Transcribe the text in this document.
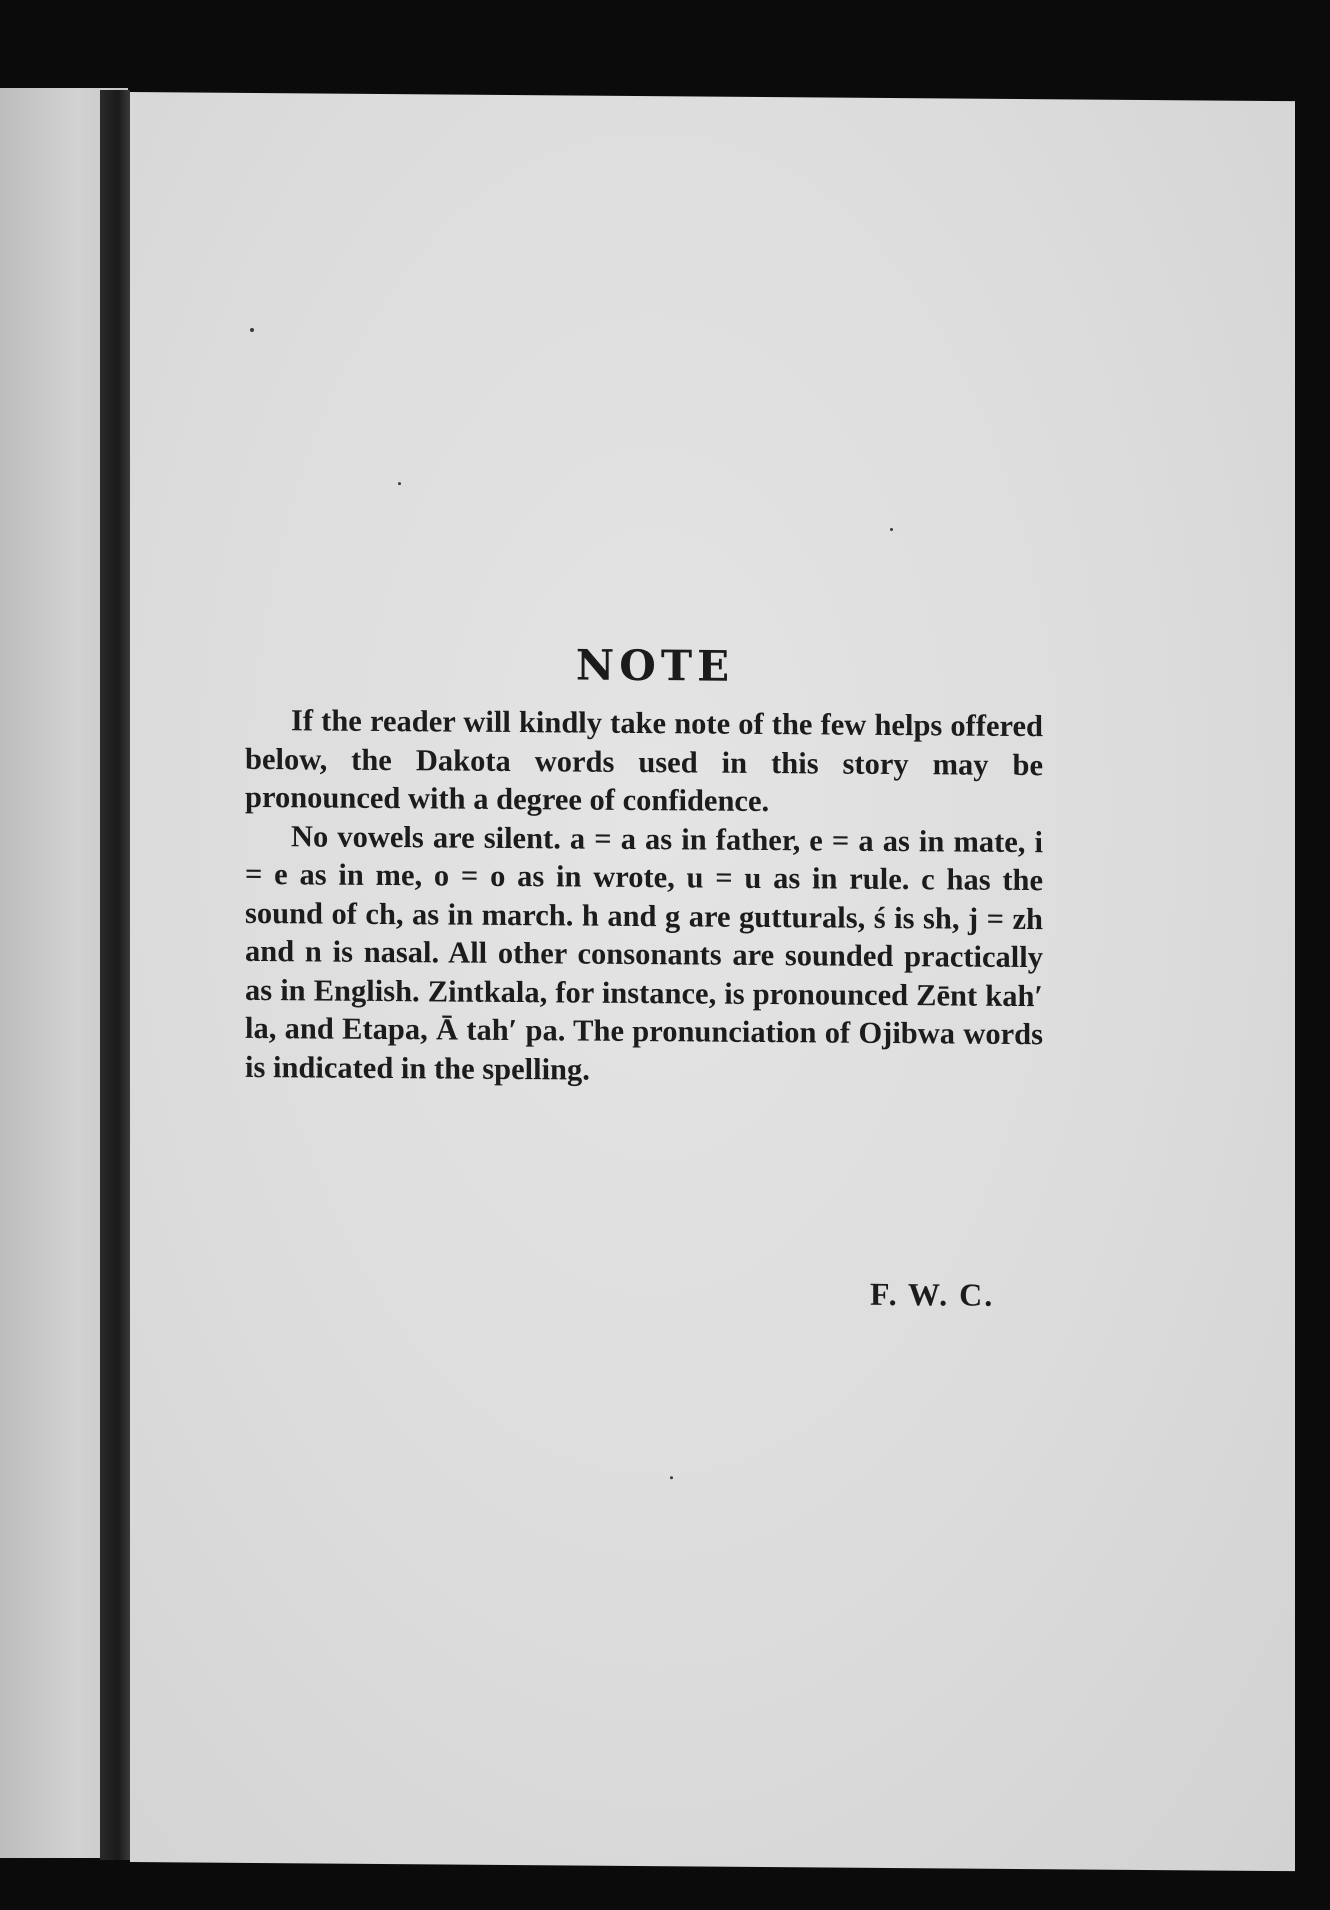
NOTE

If the reader will kindly take note of the few helps offered below, the Dakota words used in this story may be pronounced with a degree of confidence.

No vowels are silent. a = a as in father, e = a as in mate, i = e as in me, o = o as in wrote, u = u as in rule. c has the sound of ch, as in march. h and g are gutturals, ś is sh, j = zh and n is nasal. All other consonants are sounded practically as in English. Zintkala, for instance, is pronounced Zēnt kah′ la, and Etapa, Ā tah′ pa. The pronunciation of Ojibwa words is indicated in the spelling.

F. W. C.
